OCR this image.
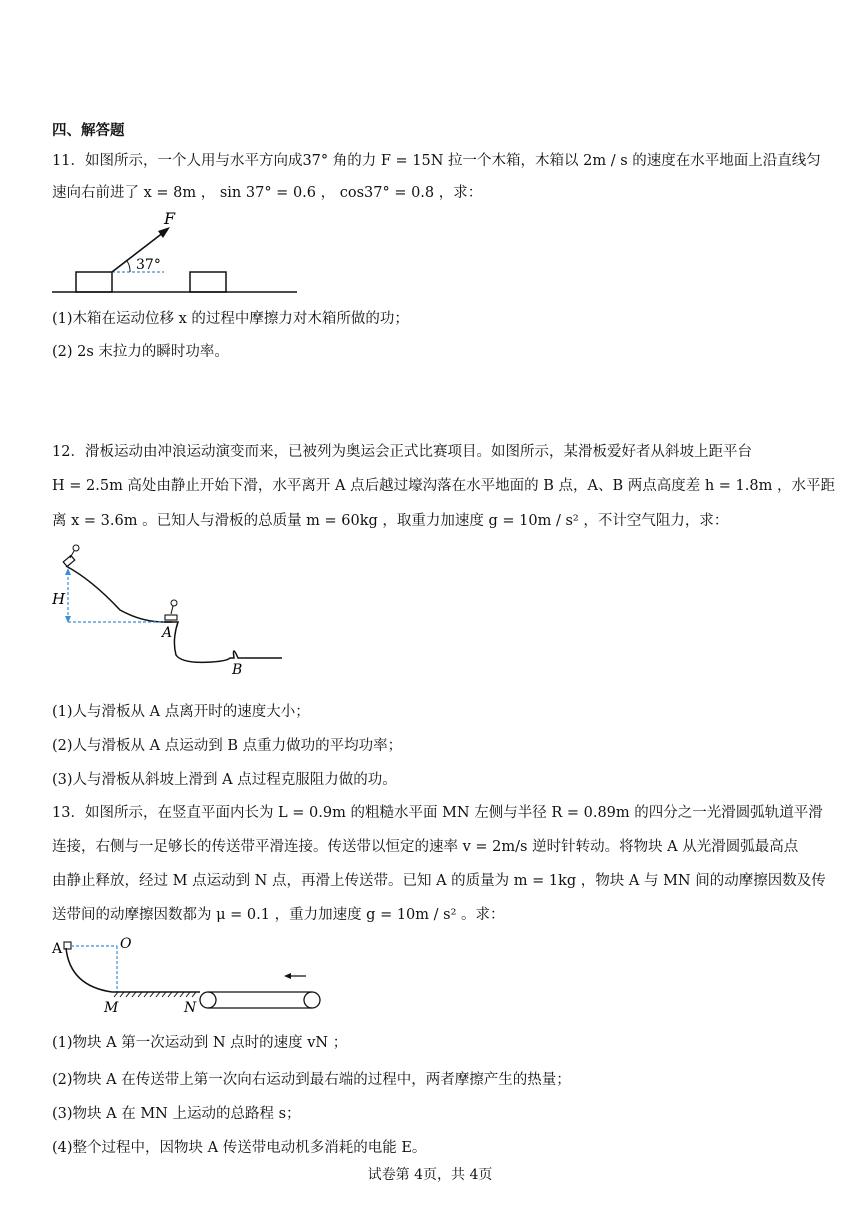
四、解答题
11．如图所示，一个人用与水平方向成37° 角的力 F = 15N 拉一个木箱，木箱以 2m / s 的速度在水平地面上沿直线匀
速向右前进了 x = 8m ， sin 37° = 0.6 ， cos37° = 0.8 ，求：
F
37°
(1)木箱在运动位移 x 的过程中摩擦力对木箱所做的功；
(2) 2s 末拉力的瞬时功率。
12．滑板运动由冲浪运动演变而来，已被列为奥运会正式比赛项目。如图所示，某滑板爱好者从斜坡上距平台
H = 2.5m 高处由静止开始下滑，水平离开 A 点后越过壕沟落在水平地面的 B 点，A、B 两点高度差 h = 1.8m ，水平距
离 x = 3.6m 。已知人与滑板的总质量 m = 60kg ，取重力加速度 g = 10m / s² ，不计空气阻力，求：
H
A
B
(1)人与滑板从 A 点离开时的速度大小；
(2)人与滑板从 A 点运动到 B 点重力做功的平均功率；
(3)人与滑板从斜坡上滑到 A 点过程克服阻力做的功。
13．如图所示，在竖直平面内长为 L = 0.9m 的粗糙水平面 MN 左侧与半径 R = 0.89m 的四分之一光滑圆弧轨道平滑
连接，右侧与一足够长的传送带平滑连接。传送带以恒定的速率 v = 2m/s 逆时针转动。将物块 A 从光滑圆弧最高点
由静止释放，经过 M 点运动到 N 点，再滑上传送带。已知 A 的质量为 m = 1kg ，物块 A 与 MN 间的动摩擦因数及传
送带间的动摩擦因数都为 μ = 0.1 ，重力加速度 g = 10m / s² 。求：
A	O
M	N
(1)物块 A 第一次运动到 N 点时的速度 vN ；
(2)物块 A 在传送带上第一次向右运动到最右端的过程中，两者摩擦产生的热量；
(3)物块 A 在 MN 上运动的总路程 s；
(4)整个过程中，因物块 A 传送带电动机多消耗的电能 E。
试卷第 4页，共 4页
